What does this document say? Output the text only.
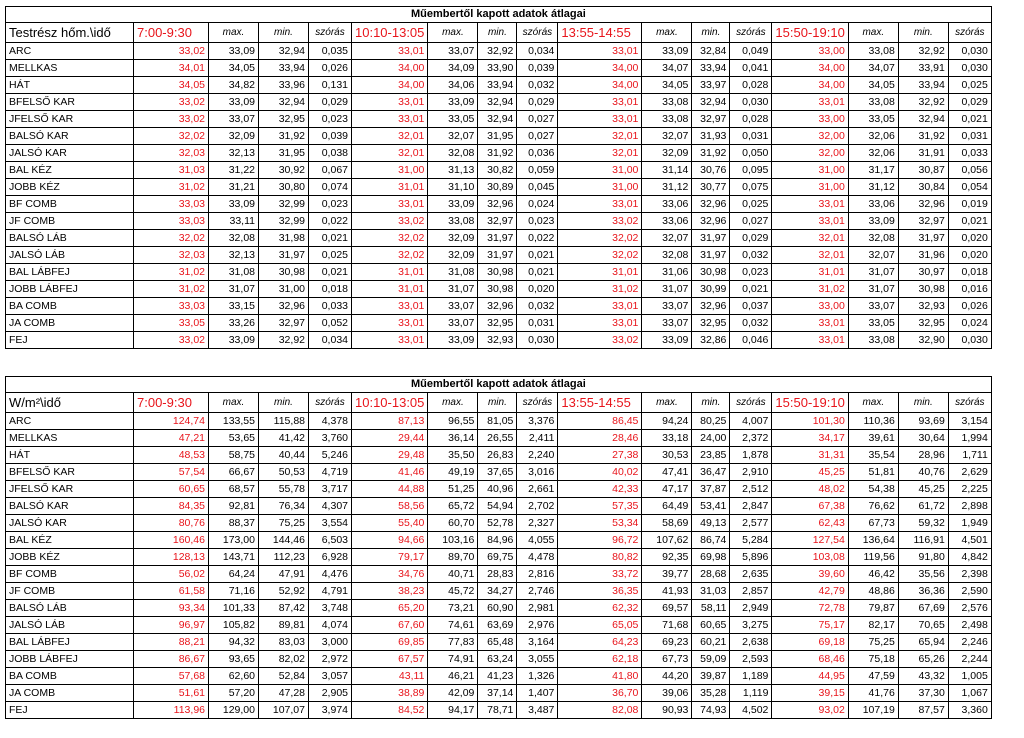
Műembertől kapott adatok átlagai																
Testrész hőm.\idő	7:00-9:30	max.	min.	szórás	10:10-13:05	max.	min.	szórás	13:55-14:55	max.	min.	szórás	15:50-19:10	max.	min.	szórás
ARC	33,02	33,09	32,94	0,035	33,01	33,07	32,92	0,034	33,01	33,09	32,84	0,049	33,00	33,08	32,92	0,030
MELLKAS	34,01	34,05	33,94	0,026	34,00	34,09	33,90	0,039	34,00	34,07	33,94	0,041	34,00	34,07	33,91	0,030
HÁT	34,05	34,82	33,96	0,131	34,00	34,06	33,94	0,032	34,00	34,05	33,97	0,028	34,00	34,05	33,94	0,025
BFELSŐ KAR	33,02	33,09	32,94	0,029	33,01	33,09	32,94	0,029	33,01	33,08	32,94	0,030	33,01	33,08	32,92	0,029
JFELSŐ KAR	33,02	33,07	32,95	0,023	33,01	33,05	32,94	0,027	33,01	33,08	32,97	0,028	33,00	33,05	32,94	0,021
BALSÓ KAR	32,02	32,09	31,92	0,039	32,01	32,07	31,95	0,027	32,01	32,07	31,93	0,031	32,00	32,06	31,92	0,031
JALSÓ KAR	32,03	32,13	31,95	0,038	32,01	32,08	31,92	0,036	32,01	32,09	31,92	0,050	32,00	32,06	31,91	0,033
BAL KÉZ	31,03	31,22	30,92	0,067	31,00	31,13	30,82	0,059	31,00	31,14	30,76	0,095	31,00	31,17	30,87	0,056
JOBB KÉZ	31,02	31,21	30,80	0,074	31,01	31,10	30,89	0,045	31,00	31,12	30,77	0,075	31,00	31,12	30,84	0,054
BF COMB	33,03	33,09	32,99	0,023	33,01	33,09	32,96	0,024	33,01	33,06	32,96	0,025	33,01	33,06	32,96	0,019
JF COMB	33,03	33,11	32,99	0,022	33,02	33,08	32,97	0,023	33,02	33,06	32,96	0,027	33,01	33,09	32,97	0,021
BALSÓ LÁB	32,02	32,08	31,98	0,021	32,02	32,09	31,97	0,022	32,02	32,07	31,97	0,029	32,01	32,08	31,97	0,020
JALSÓ LÁB	32,03	32,13	31,97	0,025	32,02	32,09	31,97	0,021	32,02	32,08	31,97	0,032	32,01	32,07	31,96	0,020
BAL LÁBFEJ	31,02	31,08	30,98	0,021	31,01	31,08	30,98	0,021	31,01	31,06	30,98	0,023	31,01	31,07	30,97	0,018
JOBB LÁBFEJ	31,02	31,07	31,00	0,018	31,01	31,07	30,98	0,020	31,02	31,07	30,99	0,021	31,02	31,07	30,98	0,016
BA COMB	33,03	33,15	32,96	0,033	33,01	33,07	32,96	0,032	33,01	33,07	32,96	0,037	33,00	33,07	32,93	0,026
JA COMB	33,05	33,26	32,97	0,052	33,01	33,07	32,95	0,031	33,01	33,07	32,95	0,032	33,01	33,05	32,95	0,024
FEJ	33,02	33,09	32,92	0,034	33,01	33,09	32,93	0,030	33,02	33,09	32,86	0,046	33,01	33,08	32,90	0,030
Műembertől kapott adatok átlagai																
W/m²\idő	7:00-9:30	max.	min.	szórás	10:10-13:05	max.	min.	szórás	13:55-14:55	max.	min.	szórás	15:50-19:10	max.	min.	szórás
ARC	124,74	133,55	115,88	4,378	87,13	96,55	81,05	3,376	86,45	94,24	80,25	4,007	101,30	110,36	93,69	3,154
MELLKAS	47,21	53,65	41,42	3,760	29,44	36,14	26,55	2,411	28,46	33,18	24,00	2,372	34,17	39,61	30,64	1,994
HÁT	48,53	58,75	40,44	5,246	29,48	35,50	26,83	2,240	27,38	30,53	23,85	1,878	31,31	35,54	28,96	1,711
BFELSŐ KAR	57,54	66,67	50,53	4,719	41,46	49,19	37,65	3,016	40,02	47,41	36,47	2,910	45,25	51,81	40,76	2,629
JFELSŐ KAR	60,65	68,57	55,78	3,717	44,88	51,25	40,96	2,661	42,33	47,17	37,87	2,512	48,02	54,38	45,25	2,225
BALSÓ KAR	84,35	92,81	76,34	4,307	58,56	65,72	54,94	2,702	57,35	64,49	53,41	2,847	67,38	76,62	61,72	2,898
JALSÓ KAR	80,76	88,37	75,25	3,554	55,40	60,70	52,78	2,327	53,34	58,69	49,13	2,577	62,43	67,73	59,32	1,949
BAL KÉZ	160,46	173,00	144,46	6,503	94,66	103,16	84,96	4,055	96,72	107,62	86,74	5,284	127,54	136,64	116,91	4,501
JOBB KÉZ	128,13	143,71	112,23	6,928	79,17	89,70	69,75	4,478	80,82	92,35	69,98	5,896	103,08	119,56	91,80	4,842
BF COMB	56,02	64,24	47,91	4,476	34,76	40,71	28,83	2,816	33,72	39,77	28,68	2,635	39,60	46,42	35,56	2,398
JF COMB	61,58	71,16	52,92	4,791	38,23	45,72	34,27	2,746	36,35	41,93	31,03	2,857	42,79	48,86	36,36	2,590
BALSÓ LÁB	93,34	101,33	87,42	3,748	65,20	73,21	60,90	2,981	62,32	69,57	58,11	2,949	72,78	79,87	67,69	2,576
JALSÓ LÁB	96,97	105,82	89,81	4,074	67,60	74,61	63,69	2,976	65,05	71,68	60,65	3,275	75,17	82,17	70,65	2,498
BAL LÁBFEJ	88,21	94,32	83,03	3,000	69,85	77,83	65,48	3,164	64,23	69,23	60,21	2,638	69,18	75,25	65,94	2,246
JOBB LÁBFEJ	86,67	93,65	82,02	2,972	67,57	74,91	63,24	3,055	62,18	67,73	59,09	2,593	68,46	75,18	65,26	2,244
BA COMB	57,68	62,60	52,84	3,057	43,11	46,21	41,23	1,326	41,80	44,20	39,87	1,189	44,95	47,59	43,32	1,005
JA COMB	51,61	57,20	47,28	2,905	38,89	42,09	37,14	1,407	36,70	39,06	35,28	1,119	39,15	41,76	37,30	1,067
FEJ	113,96	129,00	107,07	3,974	84,52	94,17	78,71	3,487	82,08	90,93	74,93	4,502	93,02	107,19	87,57	3,360
